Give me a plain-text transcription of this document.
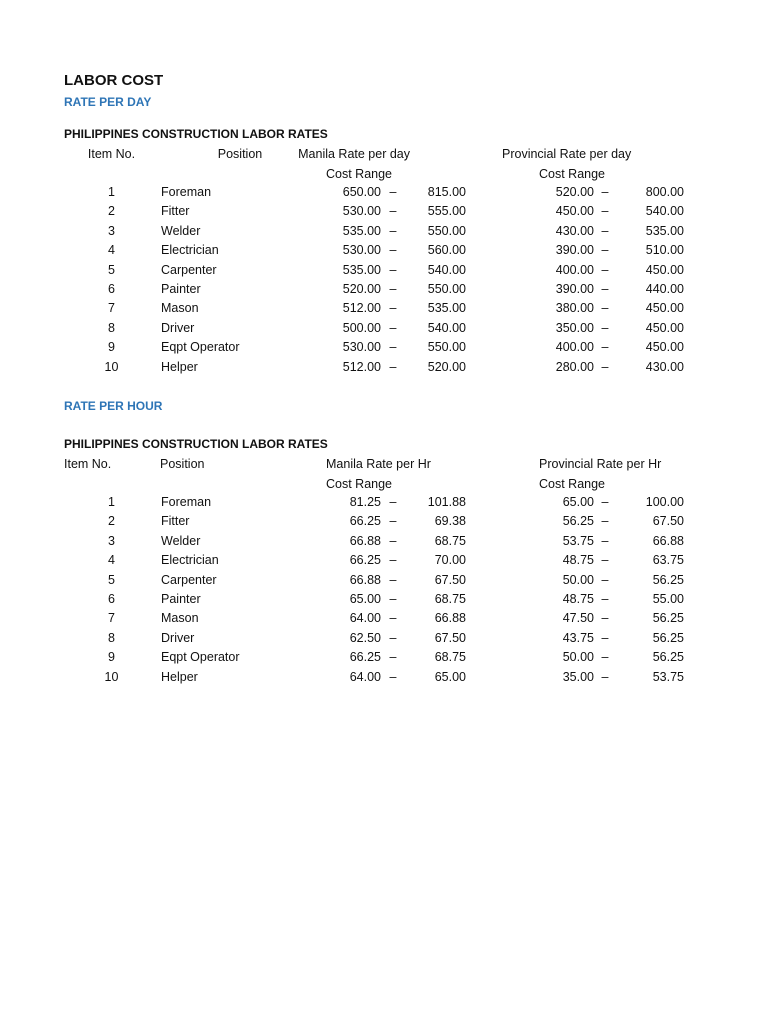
LABOR COST
RATE PER DAY
PHILIPPINES CONSTRUCTION LABOR RATES
Item No.	Position	Manila Rate per day	Provincial Rate per day
Cost Range	Cost Range
1	Foreman	650.00 –	815.00	520.00 –	800.00
2	Fitter	530.00 –	555.00	450.00 –	540.00
3	Welder	535.00 –	550.00	430.00 –	535.00
4	Electrician	530.00 –	560.00	390.00 –	510.00
5	Carpenter	535.00 –	540.00	400.00 –	450.00
6	Painter	520.00 –	550.00	390.00 –	440.00
7	Mason	512.00 –	535.00	380.00 –	450.00
8	Driver	500.00 –	540.00	350.00 –	450.00
9	Eqpt Operator	530.00 –	550.00	400.00 –	450.00
10	Helper	512.00 –	520.00	280.00 –	430.00
RATE PER HOUR
PHILIPPINES CONSTRUCTION LABOR RATES
Item No.	Position	Manila Rate per Hr	Provincial Rate per Hr
Cost Range	Cost Range
1	Foreman	81.25 –	101.88	65.00 –	100.00
2	Fitter	66.25 –	69.38	56.25 –	67.50
3	Welder	66.88 –	68.75	53.75 –	66.88
4	Electrician	66.25 –	70.00	48.75 –	63.75
5	Carpenter	66.88 –	67.50	50.00 –	56.25
6	Painter	65.00 –	68.75	48.75 –	55.00
7	Mason	64.00 –	66.88	47.50 –	56.25
8	Driver	62.50 –	67.50	43.75 –	56.25
9	Eqpt Operator	66.25 –	68.75	50.00 –	56.25
10	Helper	64.00 –	65.00	35.00 –	53.75
